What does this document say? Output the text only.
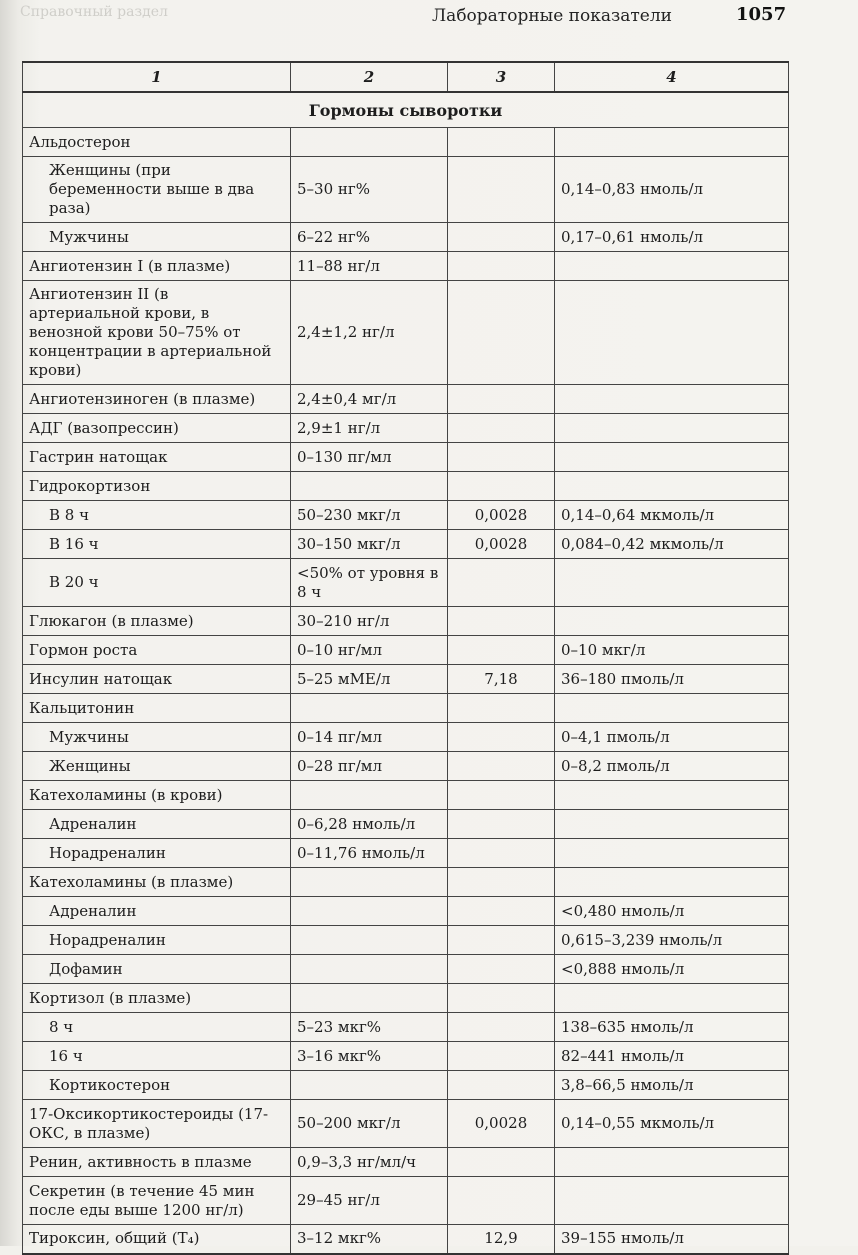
Справочный раздел	Лабораторные показатели	1057
1	2	3	4
Гормоны сыворотки			
Альдостерон			
Женщины (при беременности выше в два раза)	5–30 нг%		0,14–0,83 нмоль/л
Мужчины	6–22 нг%		0,17–0,61 нмоль/л
Ангиотензин I (в плазме)	11–88 нг/л		
Ангиотензин II (в артериальной крови, в венозной крови 50–75% от концентрации в артериальной крови)	2,4±1,2 нг/л		
Ангиотензиноген (в плазме)	2,4±0,4 мг/л		
АДГ (вазопрессин)	2,9±1 нг/л		
Гастрин натощак	0–130 пг/мл		
Гидрокортизон			
В 8 ч	50–230 мкг/л	0,0028	0,14–0,64 мкмоль/л
В 16 ч	30–150 мкг/л	0,0028	0,084–0,42 мкмоль/л
В 20 ч	<50% от уровня в 8 ч		
Глюкагон (в плазме)	30–210 нг/л		
Гормон роста	0–10 нг/мл		0–10 мкг/л
Инсулин натощак	5–25 мМЕ/л	7,18	36–180 пмоль/л
Кальцитонин			
Мужчины	0–14 пг/мл		0–4,1 пмоль/л
Женщины	0–28 пг/мл		0–8,2 пмоль/л
Катехоламины (в крови)			
Адреналин	0–6,28 нмоль/л		
Норадреналин	0–11,76 нмоль/л		
Катехоламины (в плазме)			
Адреналин			<0,480 нмоль/л
Норадреналин			0,615–3,239 нмоль/л
Дофамин			<0,888 нмоль/л
Кортизол (в плазме)			
8 ч	5–23 мкг%		138–635 нмоль/л
16 ч	3–16 мкг%		82–441 нмоль/л
Кортикостерон			3,8–66,5 нмоль/л
17-Оксикортикостероиды (17-ОКС, в плазме)	50–200 мкг/л	0,0028	0,14–0,55 мкмоль/л
Ренин, активность в плазме	0,9–3,3 нг/мл/ч		
Секретин (в течение 45 мин после еды выше 1200 нг/л)	29–45 нг/л		
Тироксин, общий (T₄)	3–12 мкг%	12,9	39–155 нмоль/л
